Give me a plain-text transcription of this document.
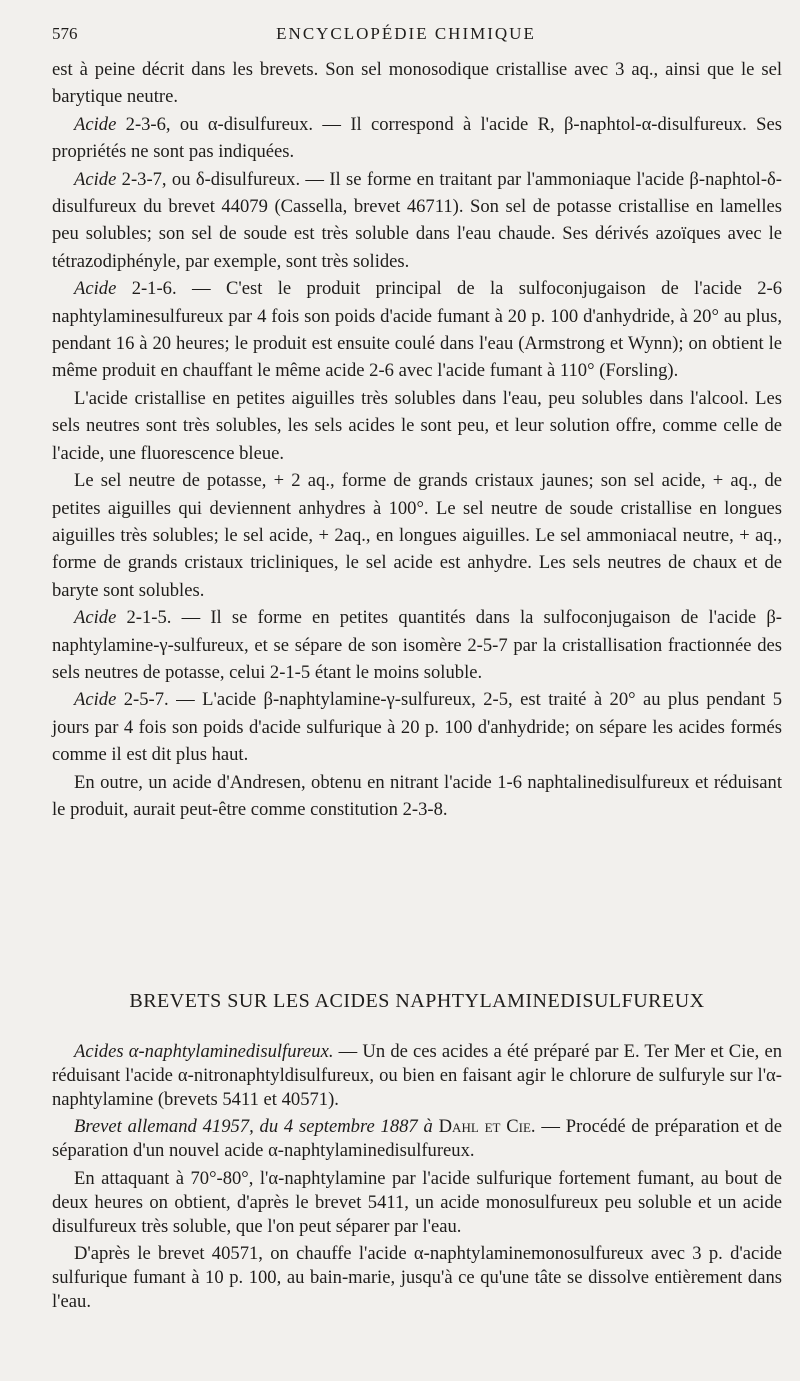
576	ENCYCLOPÉDIE CHIMIQUE

est à peine décrit dans les brevets. Son sel monosodique cristallise avec 3 aq., ainsi que le sel barytique neutre.

Acide 2-3-6, ou α-disulfureux. — Il correspond à l'acide R, β-naphtol-α-disulfureux. Ses propriétés ne sont pas indiquées.

Acide 2-3-7, ou δ-disulfureux. — Il se forme en traitant par l'ammoniaque l'acide β-naphtol-δ-disulfureux du brevet 44079 (Cassella, brevet 46711). Son sel de potasse cristallise en lamelles peu solubles; son sel de soude est très soluble dans l'eau chaude. Ses dérivés azoïques avec le tétrazodiphényle, par exemple, sont très solides.

Acide 2-1-6. — C'est le produit principal de la sulfoconjugaison de l'acide 2-6 naphtylaminesulfureux par 4 fois son poids d'acide fumant à 20 p. 100 d'anhydride, à 20° au plus, pendant 16 à 20 heures; le produit est ensuite coulé dans l'eau (Armstrong et Wynn); on obtient le même produit en chauffant le même acide 2-6 avec l'acide fumant à 110° (Forsling).

L'acide cristallise en petites aiguilles très solubles dans l'eau, peu solubles dans l'alcool. Les sels neutres sont très solubles, les sels acides le sont peu, et leur solution offre, comme celle de l'acide, une fluorescence bleue.

Le sel neutre de potasse, + 2 aq., forme de grands cristaux jaunes; son sel acide, + aq., de petites aiguilles qui deviennent anhydres à 100°. Le sel neutre de soude cristallise en longues aiguilles très solubles; le sel acide, + 2aq., en longues aiguilles. Le sel ammoniacal neutre, + aq., forme de grands cristaux tricliniques, le sel acide est anhydre. Les sels neutres de chaux et de baryte sont solubles.

Acide 2-1-5. — Il se forme en petites quantités dans la sulfoconjugaison de l'acide β-naphtylamine-γ-sulfureux, et se sépare de son isomère 2-5-7 par la cristallisation fractionnée des sels neutres de potasse, celui 2-1-5 étant le moins soluble.

Acide 2-5-7. — L'acide β-naphtylamine-γ-sulfureux, 2-5, est traité à 20° au plus pendant 5 jours par 4 fois son poids d'acide sulfurique à 20 p. 100 d'anhydride; on sépare les acides formés comme il est dit plus haut.

En outre, un acide d'Andresen, obtenu en nitrant l'acide 1-6 naphtalinedisulfureux et réduisant le produit, aurait peut-être comme constitution 2-3-8.

BREVETS SUR LES ACIDES NAPHTYLAMINEDISULFUREUX

Acides α-naphtylaminedisulfureux. — Un de ces acides a été préparé par E. Ter Mer et Cie, en réduisant l'acide α-nitronaphtyldisulfureux, ou bien en faisant agir le chlorure de sulfuryle sur l'α-naphtylamine (brevets 5411 et 40571).

Brevet allemand 41957, du 4 septembre 1887 à Dahl et Cie. — Procédé de préparation et de séparation d'un nouvel acide α-naphtylaminedisulfureux.

En attaquant à 70°-80°, l'α-naphtylamine par l'acide sulfurique fortement fumant, au bout de deux heures on obtient, d'après le brevet 5411, un acide monosulfureux peu soluble et un acide disulfureux très soluble, que l'on peut séparer par l'eau.

D'après le brevet 40571, on chauffe l'acide α-naphtylaminemonosulfureux avec 3 p. d'acide sulfurique fumant à 10 p. 100, au bain-marie, jusqu'à ce qu'une tâte se dissolve entièrement dans l'eau.
